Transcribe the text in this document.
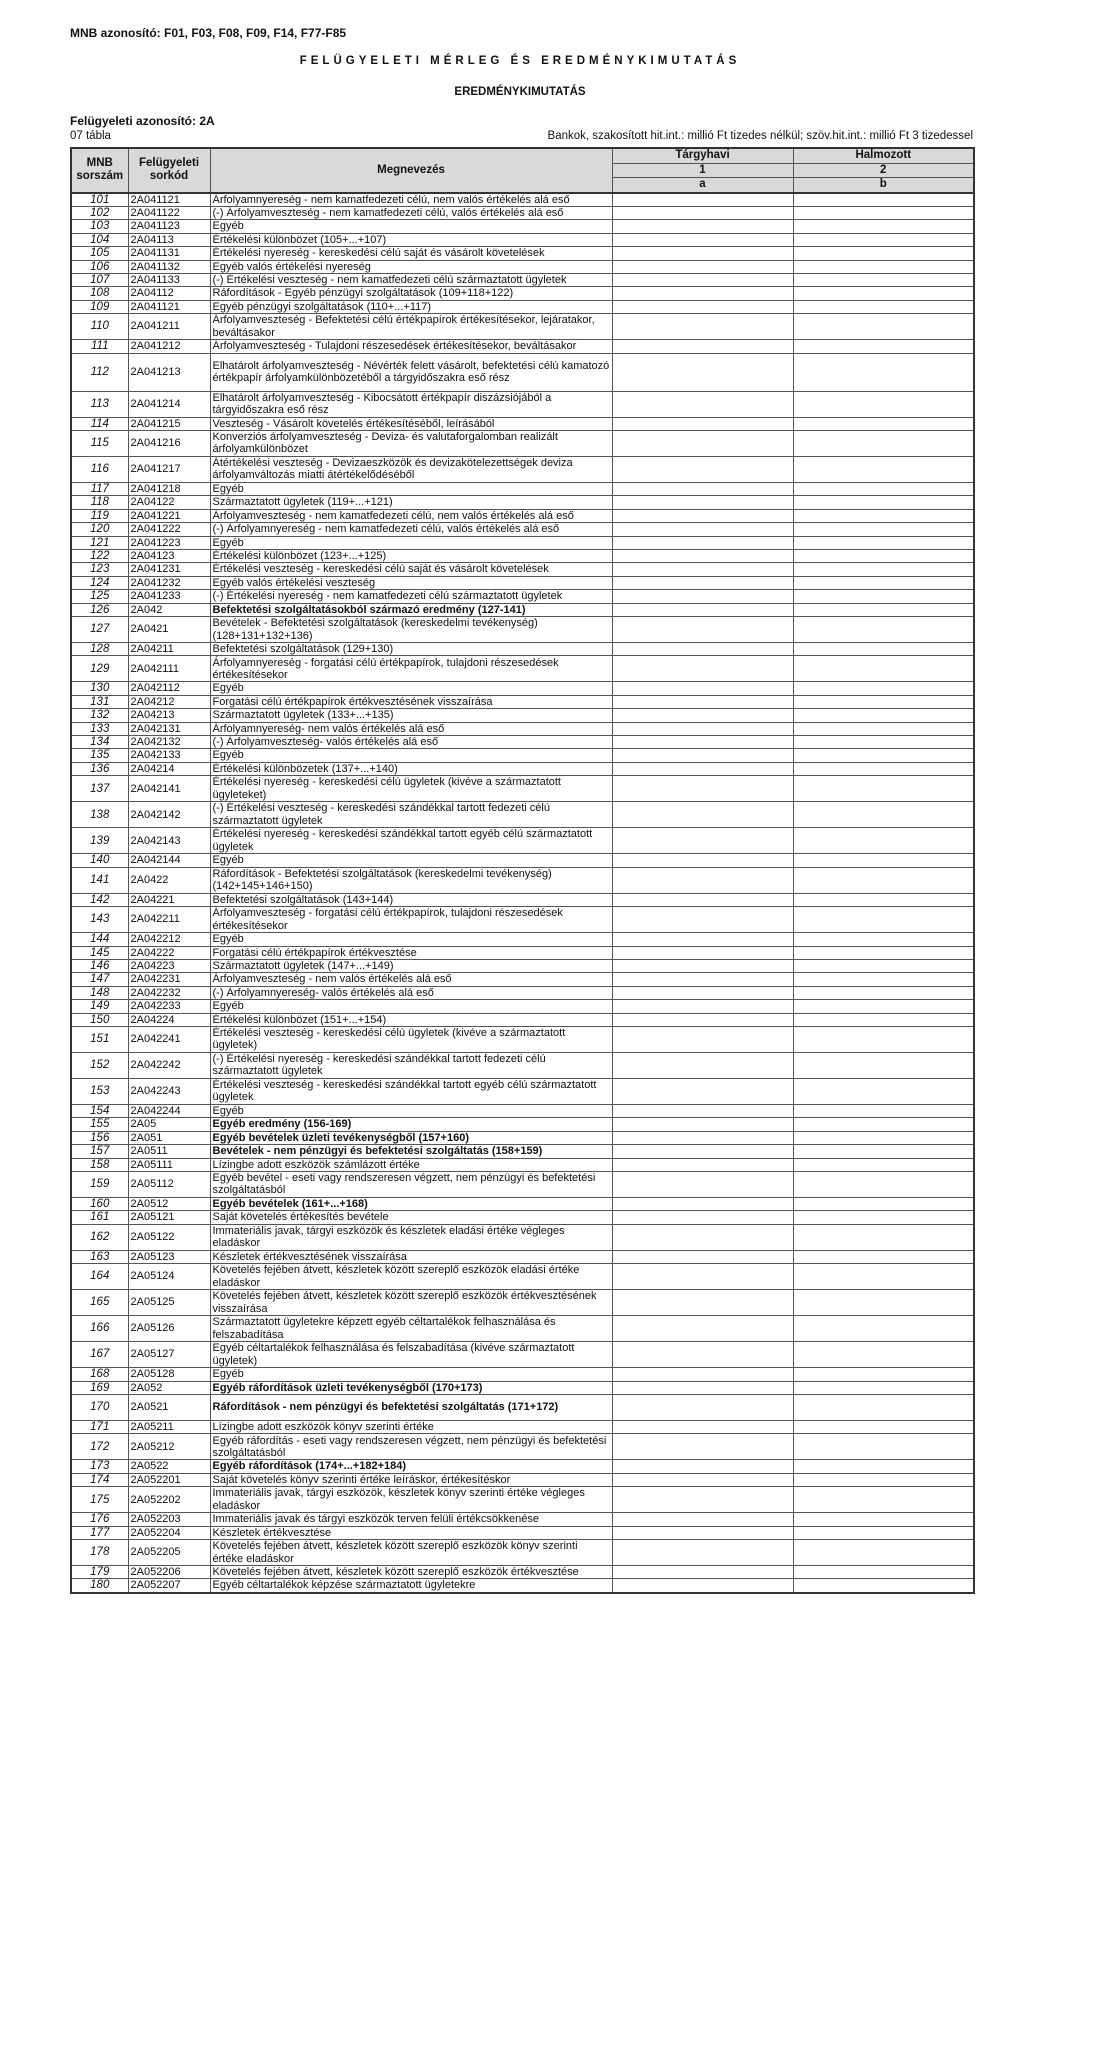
MNB azonosító: F01, F03, F08, F09, F14, F77-F85
FELÜGYELETI MÉRLEG ÉS EREDMÉNYKIMUTATÁS
EREDMÉNYKIMUTATÁS
Felügyeleti azonosító: 2A
07 tábla	Bankok, szakosított hit.int.: millió Ft tizedes nélkül; szöv.hit.int.: millió Ft 3 tizedessel
MNB sorszám	Felügyeleti sorkód	Megnevezés	Tárgyhavi	Halmozott
			1	2
			a	b
101	2A041121	Árfolyamnyereség - nem kamatfedezeti célú, nem valós értékelés alá eső		
102	2A041122	(-) Árfolyamveszteség - nem kamatfedezeti célú, valós értékelés alá eső		
103	2A041123	Egyéb		
104	2A04113	Értékelési különbözet (105+...+107)		
105	2A041131	Értékelési nyereség - kereskedési célú saját és vásárolt követelések		
106	2A041132	Egyéb valós értékelési nyereség		
107	2A041133	(-) Értékelési veszteség - nem kamatfedezeti célú származtatott ügyletek		
108	2A04112	Ráfordítások - Egyéb pénzügyi szolgáltatások (109+118+122)		
109	2A041121	Egyéb pénzügyi szolgáltatások (110+...+117)		
110	2A041211	Árfolyamveszteség - Befektetési célú értékpapírok értékesítésekor, lejáratakor, beváltásakor		
111	2A041212	Árfolyamveszteség - Tulajdoni részesedések értékesítésekor, beváltásakor		
112	2A041213	Elhatárolt árfolyamveszteség - Névérték felett vásárolt, befektetési célú kamatozó értékpapír árfolyamkülönbözetéből a tárgyidőszakra eső rész		
113	2A041214	Elhatárolt árfolyamveszteség - Kibocsátott értékpapír diszázsiójából a tárgyidőszakra eső rész		
114	2A041215	Veszteség - Vásárolt követelés értékesítéséből, leírásából		
115	2A041216	Konverziós árfolyamveszteség - Deviza- és valutaforgalomban realizált árfolyamkülönbözet		
116	2A041217	Átértékelési veszteség - Devizaeszközök és devizakötelezettségek deviza árfolyamváltozás miatti átértékelődéséből		
117	2A041218	Egyéb		
118	2A04122	Származtatott ügyletek (119+...+121)		
119	2A041221	Árfolyamveszteség - nem kamatfedezeti célú, nem valós értékelés alá eső		
120	2A041222	(-) Árfolyamnyereség - nem kamatfedezeti célú, valós értékelés alá eső		
121	2A041223	Egyéb		
122	2A04123	Értékelési különbözet (123+...+125)		
123	2A041231	Értékelési veszteség - kereskedési célú saját és vásárolt követelések		
124	2A041232	Egyéb valós értékelési veszteség		
125	2A041233	(-) Értékelési nyereség - nem kamatfedezeti célú származtatott ügyletek		
126	2A042	Befektetési szolgáltatásokból származó eredmény (127-141)		
127	2A0421	Bevételek - Befektetési szolgáltatások (kereskedelmi tevékenység) (128+131+132+136)		
128	2A04211	Befektetési szolgáltatások (129+130)		
129	2A042111	Árfolyamnyereség - forgatási célú értékpapírok, tulajdoni részesedések értékesítésekor		
130	2A042112	Egyéb		
131	2A04212	Forgatási célú értékpapírok értékvesztésének visszaírása		
132	2A04213	Származtatott ügyletek (133+...+135)		
133	2A042131	Árfolyamnyereség- nem valós értékelés alá eső		
134	2A042132	(-) Árfolyamveszteség- valós értékelés alá eső		
135	2A042133	Egyéb		
136	2A04214	Értékelési különbözetek (137+...+140)		
137	2A042141	Értékelési nyereség - kereskedési célú ügyletek (kivéve a származtatott ügyleteket)		
138	2A042142	(-) Értékelési veszteség - kereskedési szándékkal tartott fedezeti célú származtatott ügyletek		
139	2A042143	Értékelési nyereség - kereskedési szándékkal tartott egyéb célú származtatott ügyletek		
140	2A042144	Egyéb		
141	2A0422	Ráfordítások - Befektetési szolgáltatások (kereskedelmi tevékenység) (142+145+146+150)		
142	2A04221	Befektetési szolgáltatások (143+144)		
143	2A042211	Árfolyamveszteség - forgatási célú értékpapírok, tulajdoni részesedések értékesítésekor		
144	2A042212	Egyéb		
145	2A04222	Forgatási célú értékpapírok értékvesztése		
146	2A04223	Származtatott ügyletek (147+...+149)		
147	2A042231	Árfolyamveszteség - nem valós értékelés alá eső		
148	2A042232	(-) Árfolyamnyereség- valós értékelés alá eső		
149	2A042233	Egyéb		
150	2A04224	Értékelési különbözet (151+...+154)		
151	2A042241	Értékelési veszteség - kereskedési célú ügyletek (kivéve a származtatott ügyletek)		
152	2A042242	(-) Értékelési nyereség - kereskedési szándékkal tartott fedezeti célú származtatott ügyletek		
153	2A042243	Értékelési veszteség - kereskedési szándékkal tartott egyéb célú származtatott ügyletek		
154	2A042244	Egyéb		
155	2A05	Egyéb eredmény (156-169)		
156	2A051	Egyéb bevételek üzleti tevékenységből (157+160)		
157	2A0511	Bevételek - nem pénzügyi és befektetési szolgáltatás (158+159)		
158	2A05111	Lízingbe adott eszközök számlázott értéke		
159	2A05112	Egyéb bevétel - eseti vagy rendszeresen végzett, nem pénzügyi és befektetési szolgáltatásból		
160	2A0512	Egyéb bevételek (161+...+168)		
161	2A05121	Saját követelés értékesítés bevétele		
162	2A05122	Immateriális javak, tárgyi eszközök és készletek eladási értéke végleges eladáskor		
163	2A05123	Készletek értékvesztésének visszaírása		
164	2A05124	Követelés fejében átvett, készletek között szereplő eszközök eladási értéke eladáskor		
165	2A05125	Követelés fejében átvett, készletek között szereplő eszközök értékvesztésének visszaírása		
166	2A05126	Származtatott ügyletekre képzett egyéb céltartalékok felhasználása és felszabadítása		
167	2A05127	Egyéb céltartalékok felhasználása és felszabadítása (kivéve származtatott ügyletek)		
168	2A05128	Egyéb		
169	2A052	Egyéb ráfordítások üzleti tevékenységből (170+173)		
170	2A0521	Ráfordítások - nem pénzügyi és befektetési szolgáltatás (171+172)		
171	2A05211	Lízingbe adott eszközök könyv szerinti értéke		
172	2A05212	Egyéb ráfordítás - eseti vagy rendszeresen végzett, nem pénzügyi és befektetési szolgáltatásból		
173	2A0522	Egyéb ráfordítások (174+...+182+184)		
174	2A052201	Saját követelés könyv szerinti értéke leíráskor, értékesítéskor		
175	2A052202	Immateriális javak, tárgyi eszközök, készletek könyv szerinti értéke végleges eladáskor		
176	2A052203	Immateriális javak és tárgyi eszközök terven felüli értékcsökkenése		
177	2A052204	Készletek értékvesztése		
178	2A052205	Követelés fejében átvett, készletek között szereplő eszközök könyv szerinti értéke eladáskor		
179	2A052206	Követelés fejében átvett, készletek között szereplő eszközök értékvesztése		
180	2A052207	Egyéb céltartalékok képzése származtatott ügyletekre		
